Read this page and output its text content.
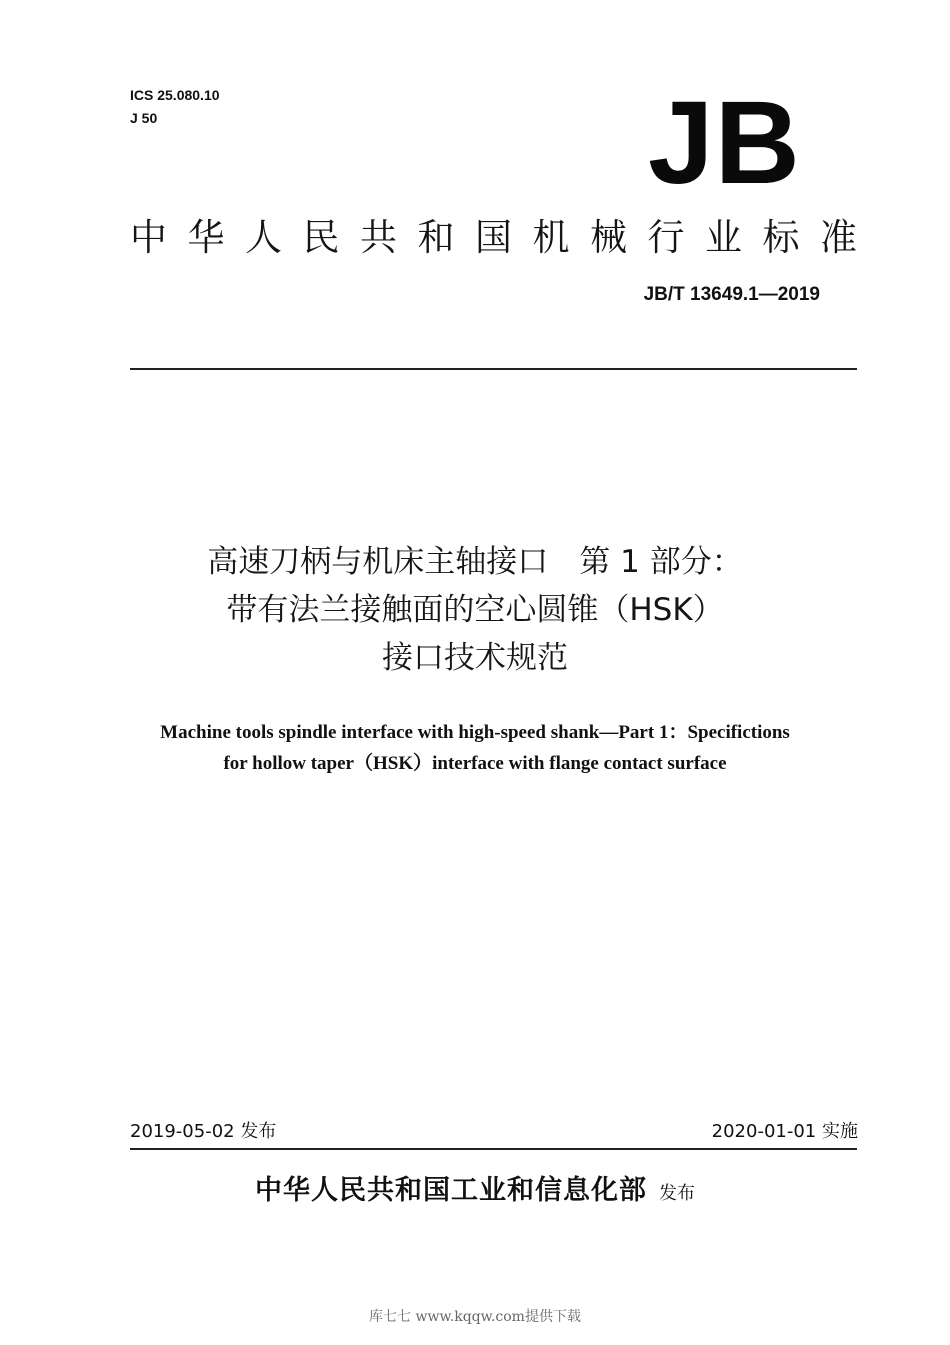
ICS 25.080.10
J 50	JB
中华人民共和国机械行业标准
JB/T 13649.1—2019
高速刀柄与机床主轴接口　第 1 部分：
带有法兰接触面的空心圆锥（HSK）
接口技术规范
Machine tools spindle interface with high-speed shank—Part 1：Specifictions
for hollow taper（HSK）interface with flange contact surface
2019-05-02 发布	2020-01-01 实施
中华人民共和国工业和信息化部 发布
库七七 www.kqqw.com提供下载
